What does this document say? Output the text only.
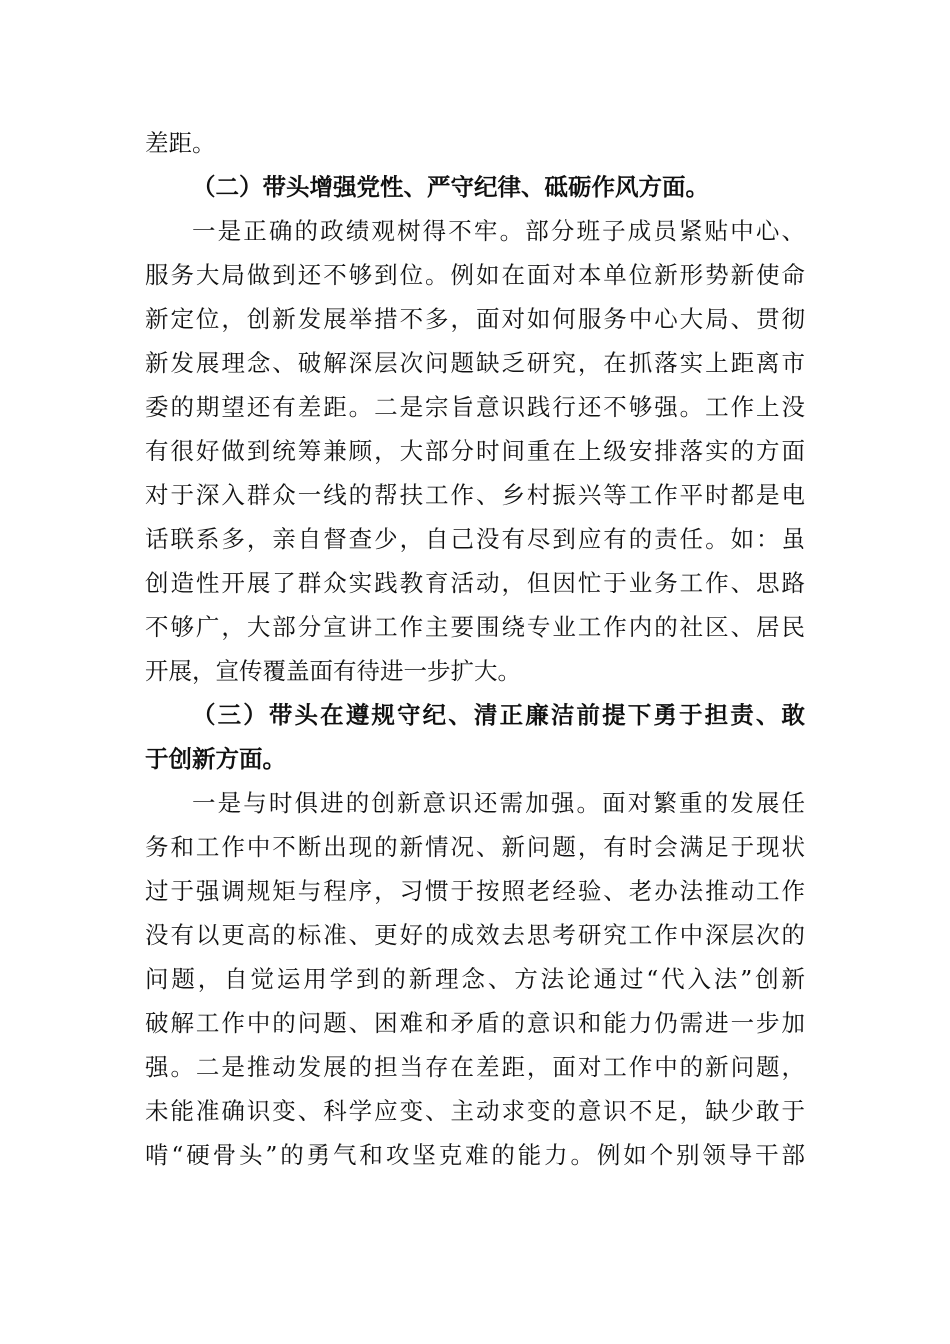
差距。
（二）带头增强党性、严守纪律、砥砺作风方面。
一是正确的政绩观树得不牢。部分班子成员紧贴中心、
服务大局做到还不够到位。例如在面对本单位新形势新使命
新定位，创新发展举措不多，面对如何服务中心大局、贯彻
新发展理念、破解深层次问题缺乏研究，在抓落实上距离市
委的期望还有差距。二是宗旨意识践行还不够强。工作上没
有很好做到统筹兼顾，大部分时间重在上级安排落实的方面
对于深入群众一线的帮扶工作、乡村振兴等工作平时都是电
话联系多，亲自督查少，自己没有尽到应有的责任。如：虽
创造性开展了群众实践教育活动，但因忙于业务工作、思路
不够广，大部分宣讲工作主要围绕专业工作内的社区、居民
开展，宣传覆盖面有待进一步扩大。
（三）带头在遵规守纪、清正廉洁前提下勇于担责、敢
于创新方面。
一是与时俱进的创新意识还需加强。面对繁重的发展任
务和工作中不断出现的新情况、新问题，有时会满足于现状
过于强调规矩与程序，习惯于按照老经验、老办法推动工作
没有以更高的标准、更好的成效去思考研究工作中深层次的
问题，自觉运用学到的新理念、方法论通过“代入法”创新
破解工作中的问题、困难和矛盾的意识和能力仍需进一步加
强。二是推动发展的担当存在差距，面对工作中的新问题，
未能准确识变、科学应变、主动求变的意识不足，缺少敢于
啃“硬骨头”的勇气和攻坚克难的能力。例如个别领导干部
